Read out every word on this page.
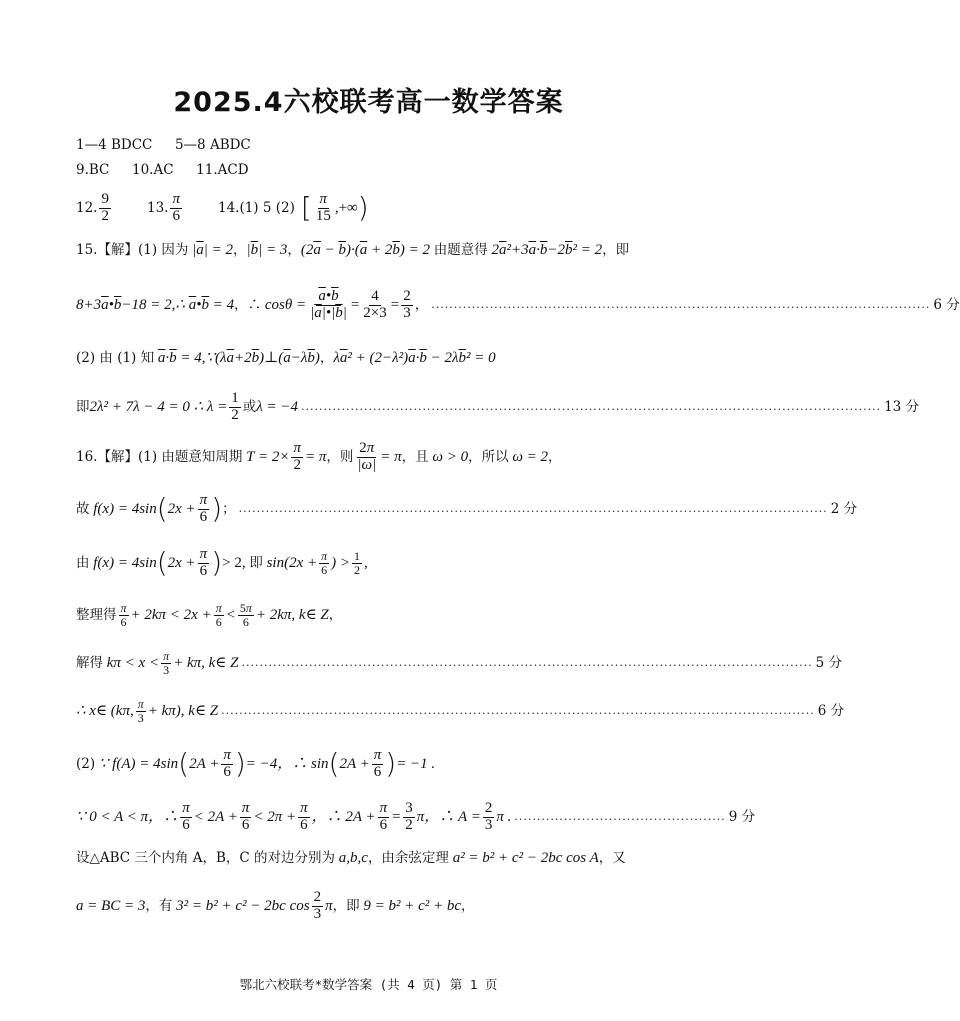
2025.4六校联考高一数学答案
1—4 BDCC 5—8 ABDC
9.BC 10.AC 11.ACD
12. $\frac{9}{2}$	13. $\frac{\pi}{6}$	14.(1) 5 (2) [ $\frac{\pi}{15}$ ,+∞ )
15.【解】(1) 因为 $|\overline{a}| = 2$ ， $|\overline{b}| = 3$ ， $(2\overline{a} - \overline{b})\cdot(\overline{a} + 2\overline{b}) = 2$ 由题意得 $2\overline{a}^2+3\overline{a}\cdot\overline{b}-2\overline{b}^2 = 2$ ，即
$8+3\overline{a}•\overline{b}-18$ = 2,∴ $\overline{a}•\overline{b} = 4$ ，∴ $\cos\theta = \frac{\overline{a}•\overline{b}}{|\overline{a}|•|\overline{b}|} = \frac{4}{2\times 3} = \frac{2}{3}$ ， ............................................................................................................... 6 分
(2) 由 (1) 知 $\overline{a}\cdot\overline{b}$ = $4,\because(\lambda\overline{a}+2\overline{b})\perp(\overline{a}-\lambda\overline{b})$ ， $\lambda\overline{a}^2 + (2-\lambda^2)\overline{a}\cdot\overline{b} - 2\lambda\overline{b}^2 = 0$
即 2λ² + 7λ − 4 = 0 ∴ $\lambda = \frac{1}{2}$ 或 λ = −4 ................................................................................................................................. 13 分
16.【解】(1) 由题意知周期 $T = 2\times \frac{\pi}{2} = \pi$ ，则 $\frac{2\pi}{|\omega|} = \pi$ ，且 ω > 0 ，所以 ω = 2 ，
故 f(x) = 4sin ( $2x + \frac{\pi}{6}$ ) ； ................................................................................................................................... 2 分
由 f(x) = 4sin ( $2x + \frac{\pi}{6}$ ) > 2, 即 $\sin(2x + \frac{\pi}{6}$ ) > $\frac{1}{2}$ ,
整理得 $\frac{\pi}{6} + 2k\pi < 2x + \frac{\pi}{6} < \frac{5\pi}{6} + 2k\pi$, k∈ Z ，
解得 $k\pi < x < \frac{\pi}{3} + k\pi$, k∈ Z ............................................................................................................................... 5 分
∴ x∈ (kπ, $\frac{\pi}{3} + k\pi$), k∈ Z .................................................................................................................................... 6 分
(2) ∵ f(A) = 4sin ( $2A + \frac{\pi}{6}$ ) = −4，∴ sin ( $2A + \frac{\pi}{6}$ ) = −1 .
∵ 0 < A < π，∴ $\frac{\pi}{6} < 2A + \frac{\pi}{6} < 2\pi + \frac{\pi}{6}$ ，∴ $2A + \frac{\pi}{6} = \frac{3}{2}$ π，∴ $A = \frac{2}{3}$ π . ............................................... 9 分
设△ABC 三个内角 A，B，C 的对边分别为 a,b,c ，由余弦定理 a² = b² + c² − 2bc cos A ，又
a = BC = 3 ，有 3² = b² + c² − 2bc $\cos \frac{2}{3}$ π ，即 9 = b² + c² + bc ，
鄂北六校联考*数学答案 (共 4 页) 第 1 页
